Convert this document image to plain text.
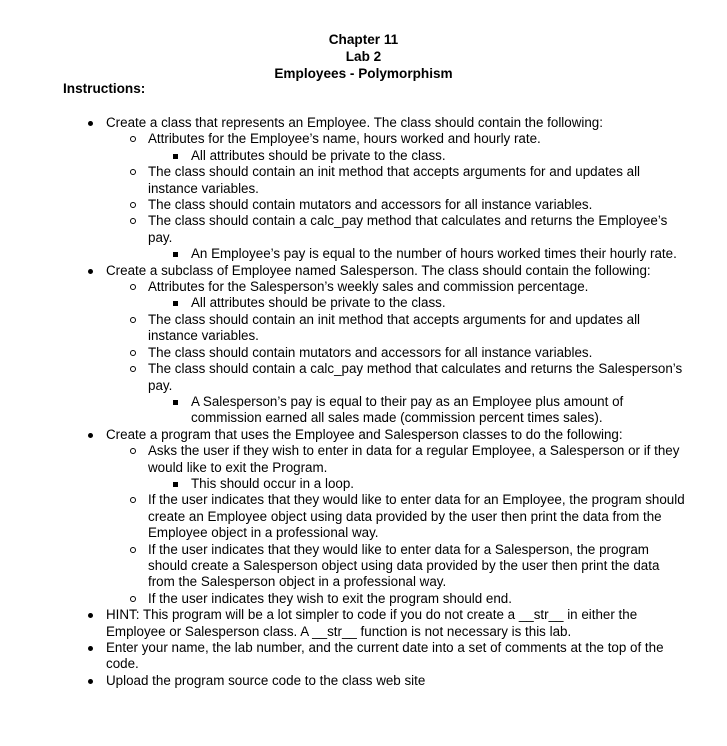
Chapter 11
Lab 2
Employees - Polymorphism
Instructions:
Create a class that represents an Employee. The class should contain the following:
Attributes for the Employee’s name, hours worked and hourly rate.
All attributes should be private to the class.
The class should contain an init method that accepts arguments for and updates all instance variables.
The class should contain mutators and accessors for all instance variables.
The class should contain a calc_pay method that calculates and returns the Employee’s pay.
An Employee’s pay is equal to the number of hours worked times their hourly rate.
Create a subclass of Employee named Salesperson. The class should contain the following:
Attributes for the Salesperson’s weekly sales and commission percentage.
All attributes should be private to the class.
The class should contain an init method that accepts arguments for and updates all instance variables.
The class should contain mutators and accessors for all instance variables.
The class should contain a calc_pay method that calculates and returns the Salesperson’s pay.
A Salesperson’s pay is equal to their pay as an Employee plus amount of commission earned all sales made (commission percent times sales).
Create a program that uses the Employee and Salesperson classes to do the following:
Asks the user if they wish to enter in data for a regular Employee, a Salesperson or if they would like to exit the Program.
This should occur in a loop.
If the user indicates that they would like to enter data for an Employee, the program should create an Employee object using data provided by the user then print the data from the Employee object in a professional way.
If the user indicates that they would like to enter data for a Salesperson, the program should create a Salesperson object using data provided by the user then print the data from the Salesperson object in a professional way.
If the user indicates they wish to exit the program should end.
HINT: This program will be a lot simpler to code if you do not create a __str__ in either the Employee or Salesperson class. A __str__ function is not necessary is this lab.
Enter your name, the lab number, and the current date into a set of comments at the top of the code.
Upload the program source code to the class web site
